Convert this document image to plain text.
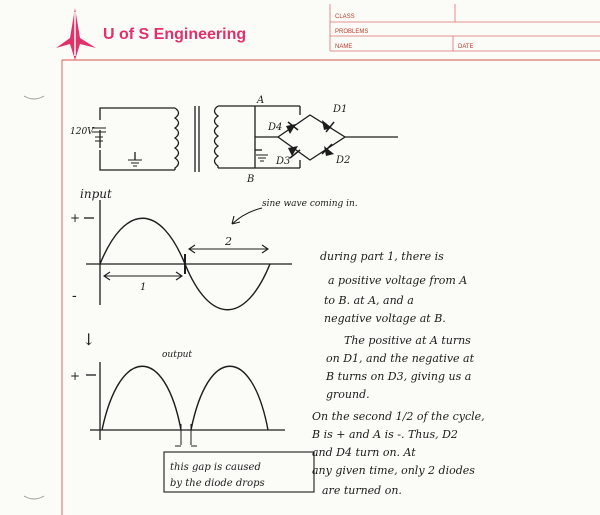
U of S Engineering
CLASS
PROBLEMS
NAME	DATE
120V
A
B
D1
D2
D3
D4
input
+
-
1
2
sine wave coming in.
↓
output
+
this gap is caused
by the diode drops
during part 1, there is
a positive voltage from A
to B. at A, and a
negative voltage at B.
The positive at A turns
on D1, and the negative at
B turns on D3, giving us a
ground.
On the second 1/2 of the cycle,
B is + and A is -. Thus, D2
and D4 turn on. At
any given time, only 2 diodes
are turned on.
